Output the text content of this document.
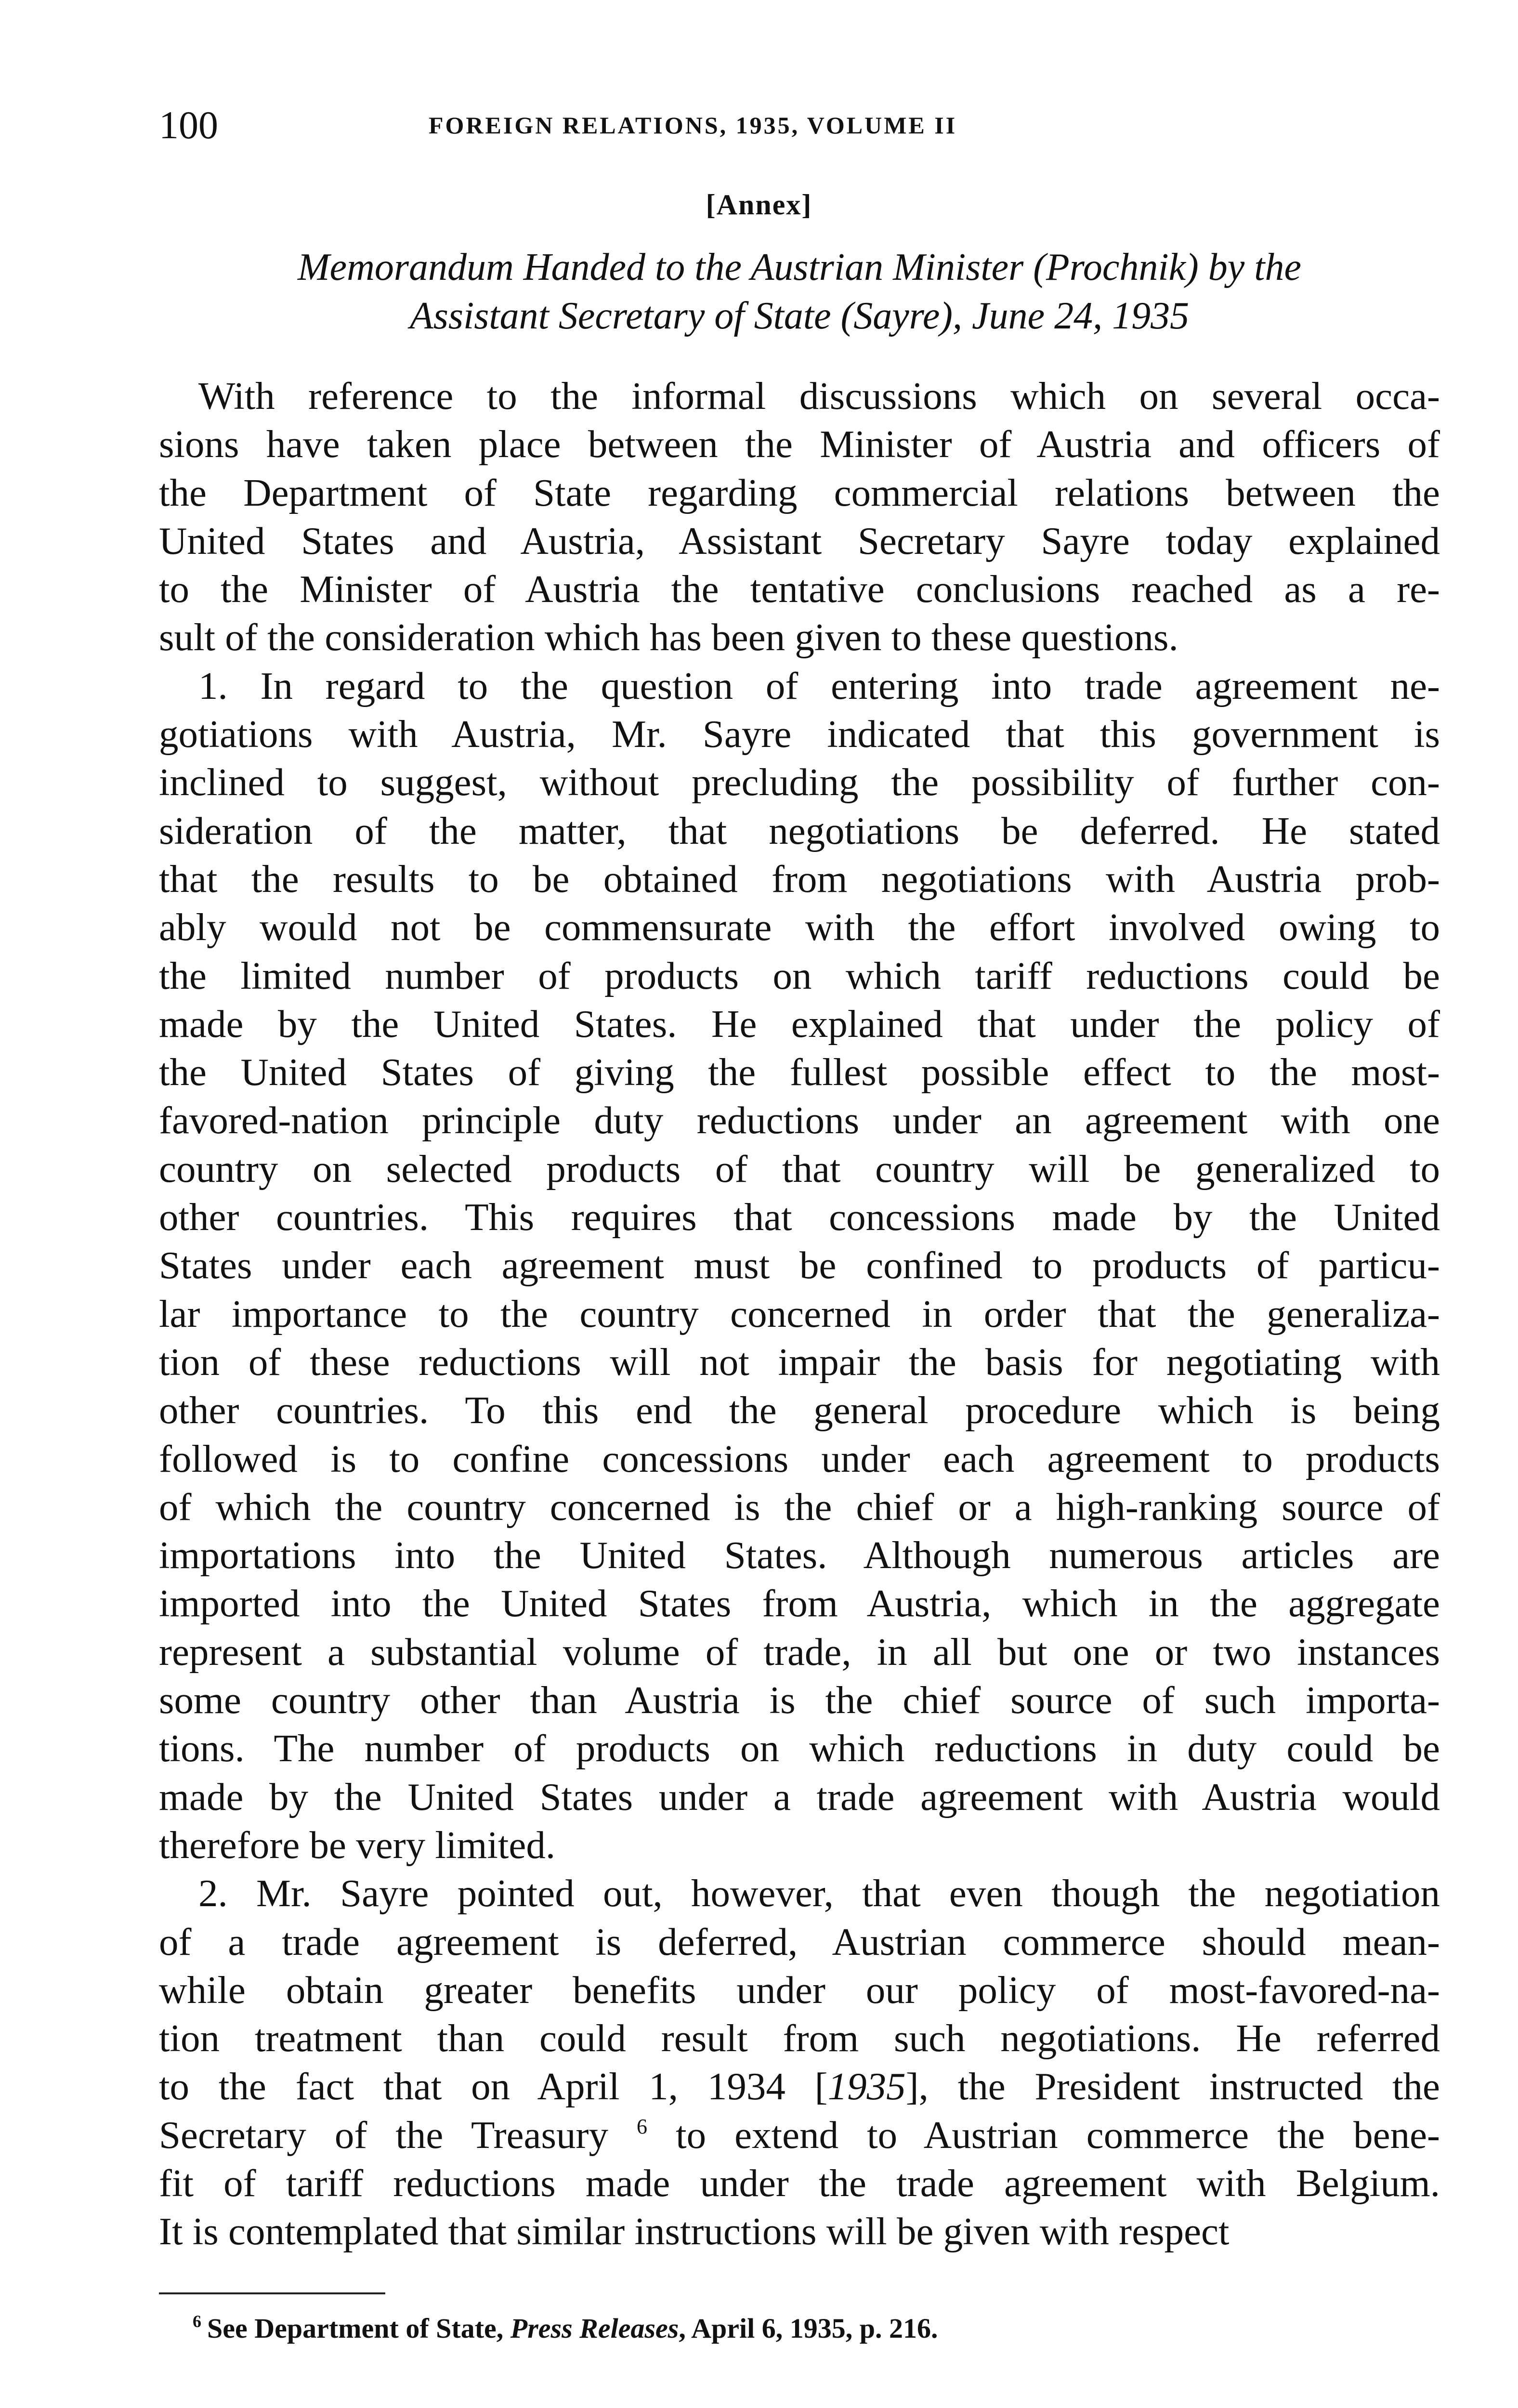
100	FOREIGN RELATIONS, 1935, VOLUME II
[Annex]
Memorandum Handed to the Austrian Minister (Prochnik) by the
Assistant Secretary of State (Sayre), June 24, 1935
With reference to the informal discussions which on several occa-
sions have taken place between the Minister of Austria and officers of
the Department of State regarding commercial relations between the
United States and Austria, Assistant Secretary Sayre today explained
to the Minister of Austria the tentative conclusions reached as a re-
sult of the consideration which has been given to these questions.
1. In regard to the question of entering into trade agreement ne-
gotiations with Austria, Mr. Sayre indicated that this government is
inclined to suggest, without precluding the possibility of further con-
sideration of the matter, that negotiations be deferred. He stated
that the results to be obtained from negotiations with Austria prob-
ably would not be commensurate with the effort involved owing to
the limited number of products on which tariff reductions could be
made by the United States. He explained that under the policy of
the United States of giving the fullest possible effect to the most-
favored-nation principle duty reductions under an agreement with one
country on selected products of that country will be generalized to
other countries. This requires that concessions made by the United
States under each agreement must be confined to products of particu-
lar importance to the country concerned in order that the generaliza-
tion of these reductions will not impair the basis for negotiating with
other countries. To this end the general procedure which is being
followed is to confine concessions under each agreement to products
of which the country concerned is the chief or a high-ranking source of
importations into the United States. Although numerous articles are
imported into the United States from Austria, which in the aggregate
represent a substantial volume of trade, in all but one or two instances
some country other than Austria is the chief source of such importa-
tions. The number of products on which reductions in duty could be
made by the United States under a trade agreement with Austria would
therefore be very limited.
2. Mr. Sayre pointed out, however, that even though the negotiation
of a trade agreement is deferred, Austrian commerce should mean-
while obtain greater benefits under our policy of most-favored-na-
tion treatment than could result from such negotiations. He referred
to the fact that on April 1, 1934 [1935], the President instructed the
Secretary of the Treasury $^6$ to extend to Austrian commerce the bene-
fit of tariff reductions made under the trade agreement with Belgium.
It is contemplated that similar instructions will be given with respect
$^6$ See Department of State, Press Releases, April 6, 1935, p. 216.
